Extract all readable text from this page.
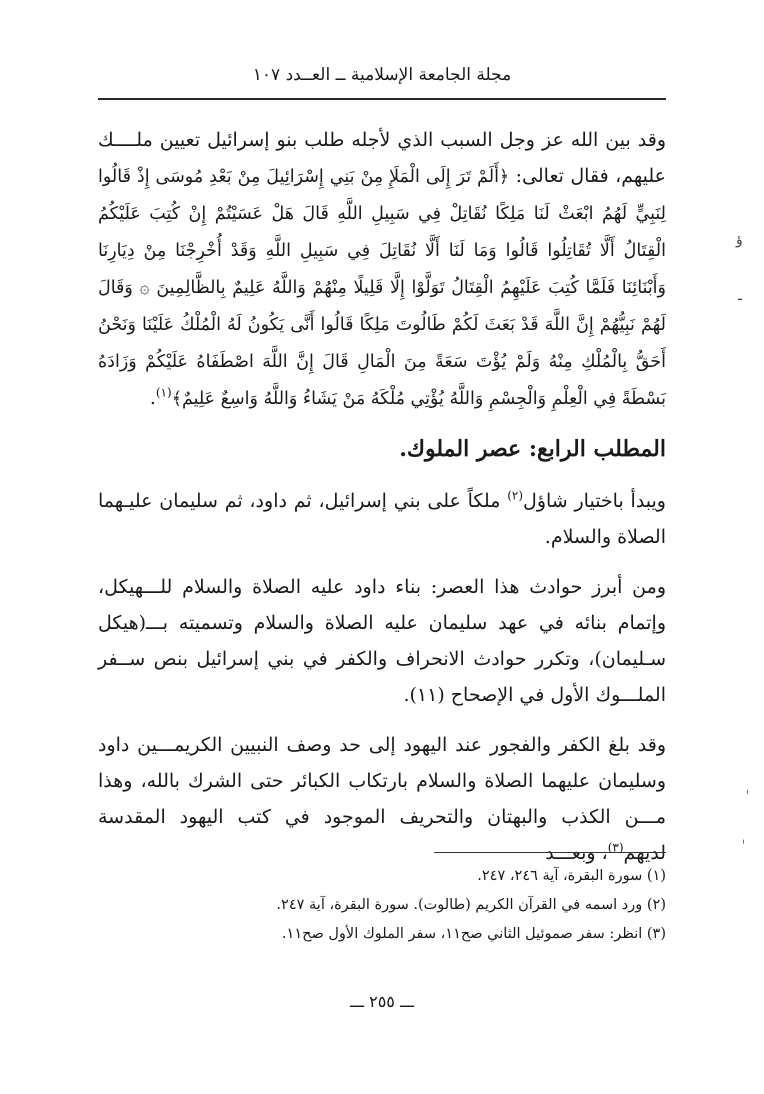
مجلة الجامعة الإسلامية ــ العــدد ١٠٧

وقد بين الله عز وجل السبب الذي لأجله طلب بنو إسرائيل تعيين ملــــك عليهم، فقال تعالى: ﴿أَلَمْ تَرَ إِلَى الْمَلَإِ مِنْ بَنِي إِسْرَائِيلَ مِنْ بَعْدِ مُوسَى إِذْ قَالُوا لِنَبِيٍّ لَهُمُ ابْعَثْ لَنَا مَلِكًا نُقَاتِلْ فِي سَبِيلِ اللَّهِ قَالَ هَلْ عَسَيْتُمْ إِنْ كُتِبَ عَلَيْكُمُ الْقِتَالُ أَلَّا تُقَاتِلُوا قَالُوا وَمَا لَنَا أَلَّا نُقَاتِلَ فِي سَبِيلِ اللَّهِ وَقَدْ أُخْرِجْنَا مِنْ دِيَارِنَا وَأَبْنَائِنَا فَلَمَّا كُتِبَ عَلَيْهِمُ الْقِتَالُ تَوَلَّوْا إِلَّا قَلِيلًا مِنْهُمْ وَاللَّهُ عَلِيمٌ بِالظَّالِمِينَ ۞ وَقَالَ لَهُمْ نَبِيُّهُمْ إِنَّ اللَّهَ قَدْ بَعَثَ لَكُمْ طَالُوتَ مَلِكًا قَالُوا أَنَّى يَكُونُ لَهُ الْمُلْكُ عَلَيْنَا وَنَحْنُ أَحَقُّ بِالْمُلْكِ مِنْهُ وَلَمْ يُؤْتَ سَعَةً مِنَ الْمَالِ قَالَ إِنَّ اللَّهَ اصْطَفَاهُ عَلَيْكُمْ وَزَادَهُ بَسْطَةً فِي الْعِلْمِ وَالْجِسْمِ وَاللَّهُ يُؤْتِي مُلْكَهُ مَنْ يَشَاءُ وَاللَّهُ وَاسِعٌ عَلِيمٌ﴾$^{(١)}$.

المطلب الرابع: عصر الملوك.

ويبدأ باختيار شاؤل$^{(٢)}$ ملكاً على بني إسرائيل، ثم داود، ثم سليمان عليـهما الصلاة والسلام.

ومن أبرز حوادث هذا العصر: بناء داود عليه الصلاة والسلام للـــهيكل، وإتمام بنائه في عهد سليمان عليه الصلاة والسلام وتسميته بـــ(هيكل سـليمان)، وتكرر حوادث الانحراف والكفر في بني إسرائيل بنص ســفر الملـــوك الأول في الإصحاح (١١).

وقد بلغ الكفر والفجور عند اليهود إلى حد وصف النبيين الكريمـــين داود وسليمان عليهما الصلاة والسلام بارتكاب الكبائر حتى الشرك بالله، وهذا مـــن الكذب والبهتان والتحريف الموجود في كتب اليهود المقدسة لديهم$^{(٣)}$، وبعـــد

(١) سورة البقرة، آية ٢٤٦، ٢٤٧.

(٢) ورد اسمه في القرآن الكريم (طالوت). سورة البقرة، آية ٢٤٧.

(٣) انظر: سفر صموئيل الثاني صح١١، سفر الملوك الأول صح١١.

ـــ ٢٥٥ ـــ
ؤ
ـ
